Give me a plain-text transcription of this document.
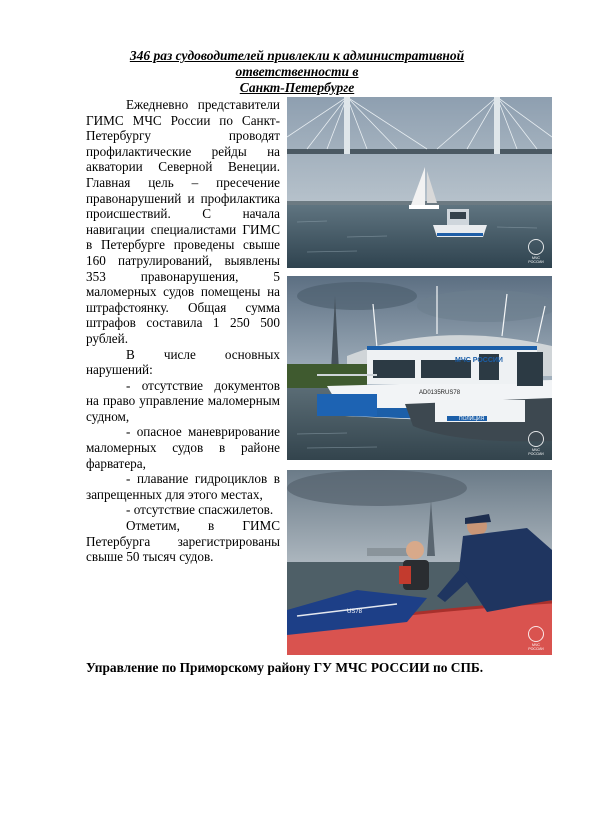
346 раз судоводителей привлекли к административной ответственности в
Санкт-Петербурге

Ежедневно представители ГИМС МЧС России по Санкт-Петербургу проводят профилактические рейды на акватории Северной Венеции. Главная цель – пресечение правонарушений и профилактика происшествий. С начала навигации специалистами ГИМС в Петербурге проведены свыше 160 патрулирований, выявлены 353 правонарушения, 5 маломерных судов помещены на штрафстоянку. Общая сумма штрафов составила 1 250 500 рублей.

В числе основных нарушений:

- отсутствие документов на право управление маломерным судном,

- опасное маневрирование маломерных судов в районе фарватера,

- плавание гидроциклов в запрещенных для этого местах,

- отсутствие спасжилетов.

Отметим, в ГИМС Петербурга зарегистрированы свыше 50 тысяч судов.

МЧС РОССИИ
МЧС РОССИИ
AD0135RUS78
ПОЛИЦИЯ
МЧС РОССИИ
US78
МЧС РОССИИ
Управление по Приморскому району ГУ МЧС РОССИИ по СПБ.
